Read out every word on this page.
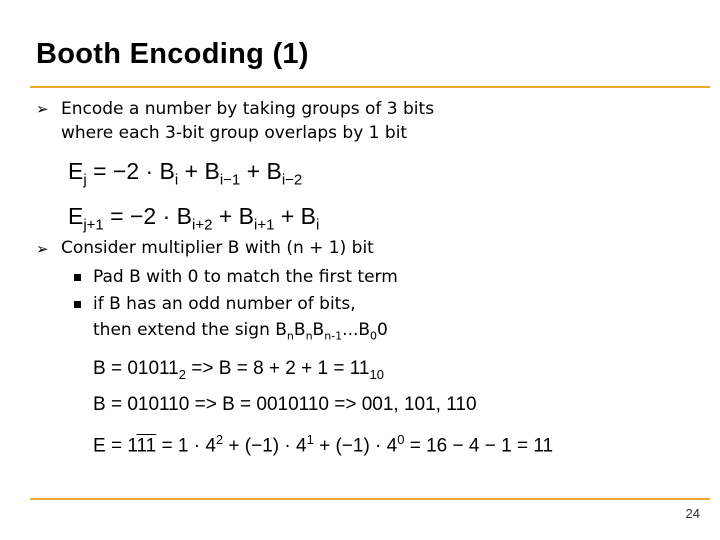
Booth Encoding (1)
➢ Encode a number by taking groups of 3 bits
where each 3-bit group overlaps by 1 bit
$E_j = -2 \cdot B_i + B_{i-1} + B_{i-2}$
$E_{j+1} = -2 \cdot B_{i+2} + B_{i+1} + B_i$
➢ Consider multiplier B with (n + 1) bit
Pad B with 0 to match the first term
if B has an odd number of bits,
then extend the sign $B_nB_nB_{n-1}...B_00$
$B = 01011_2 => B = 8 + 2 + 1 = 11_{10}$
B = 010110 => B = 0010110 => 001, 101, 110
$E = 111 = 1 \cdot 4^2 + (-1) \cdot 4^1 + (-1) \cdot 4^0 = 16 - 4 - 1 = 11$
24
